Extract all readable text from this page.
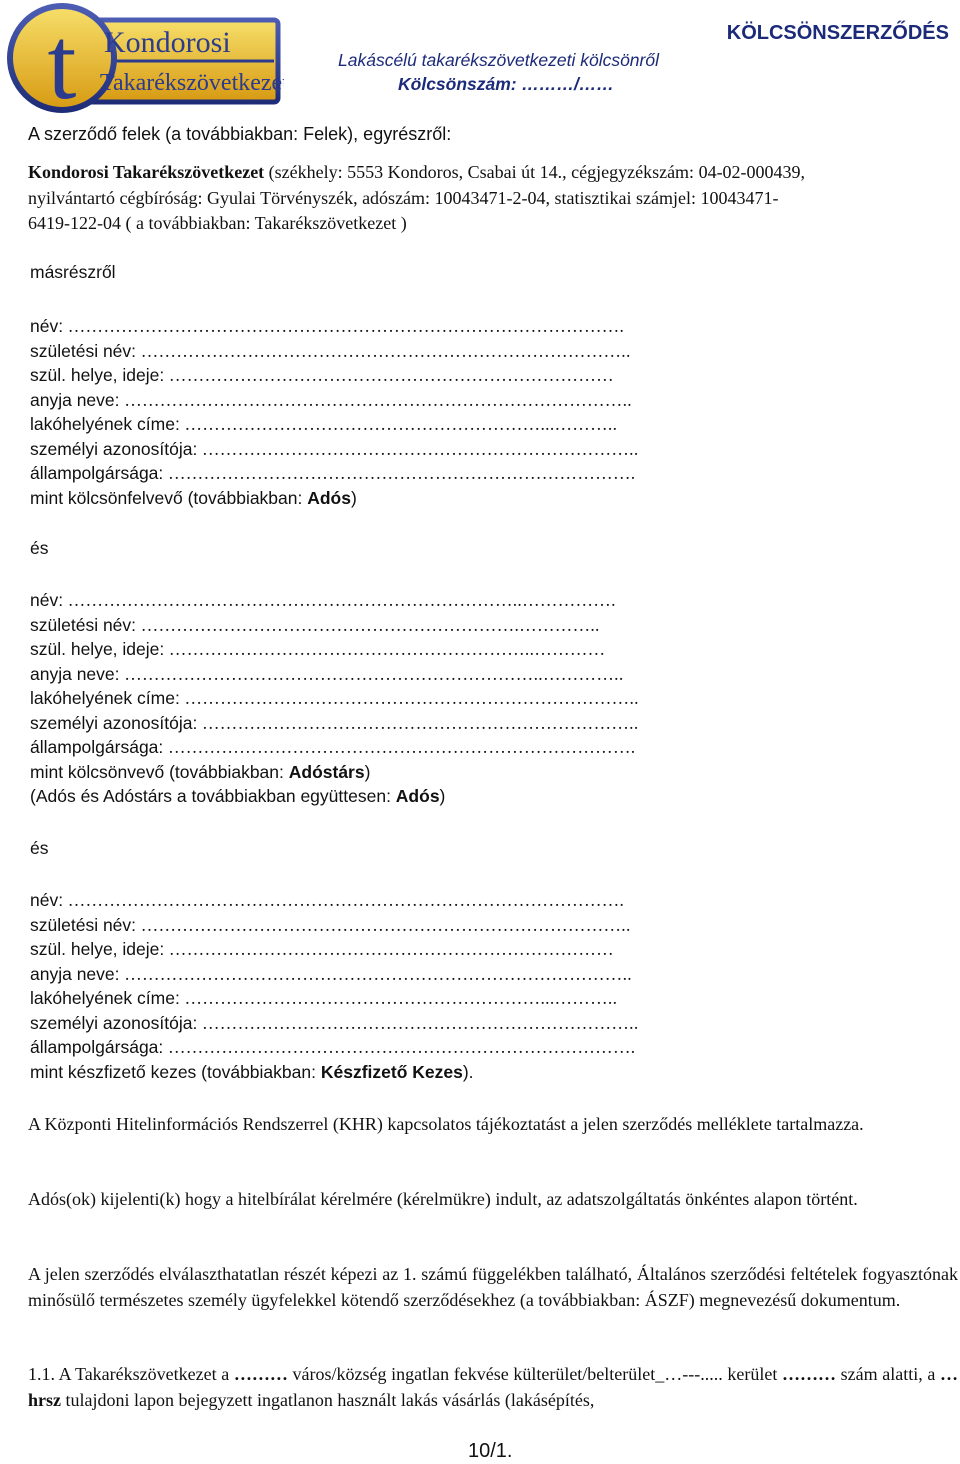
t Kondorosi
Takarékszövetkezet
KÖLCSÖNSZERZŐDÉS
Lakáscélú takarékszövetkezeti kölcsönről
Kölcsönszám: ………/……
A szerződő felek (a továbbiakban: Felek), egyrészről:
Kondorosi Takarékszövetkezet (székhely: 5553 Kondoros, Csabai út 14., cégjegyzékszám: 04-02-000439,
nyilvántartó cégbíróság: Gyulai Törvényszék, adószám: 10043471-2-04, statisztikai számjel: 10043471-
6419-122-04 ( a továbbiakban: Takarékszövetkezet )
másrészről
név: ………………………………………………………………………………….
születési név: ………………………………………………………………………..
szül. helye, ideje: …………………………………………………………………
anyja neve: …………………………………………………………………………..
lakóhelyének címe: ……………………………………………………...………..
személyi azonosítója: ………………………………………………………………..
állampolgársága: …………………………………………………………………….
mint kölcsönfelvevő (továbbiakban: Adós)
és
név: …………………………………………………………………..…………….
születési név: ……………………………………………………….…………..
szül. helye, ideje: ……………………………………………………..…………
anyja neve: ……………………………………………………………..…………..
lakóhelyének címe: …………………………………………………………………..
személyi azonosítója: ………………………………………………………………..
állampolgársága: …………………………………………………………………….
mint kölcsönvevő (továbbiakban: Adóstárs)
(Adós és Adóstárs a továbbiakban együttesen: Adós)
és
név: ………………………………………………………………………………….
születési név: ………………………………………………………………………..
szül. helye, ideje: …………………………………………………………………
anyja neve: …………………………………………………………………………..
lakóhelyének címe: ……………………………………………………...………..
személyi azonosítója: ………………………………………………………………..
állampolgársága: …………………………………………………………………….
mint készfizető kezes (továbbiakban: Készfizető Kezes).
A Központi Hitelinformációs Rendszerrel (KHR) kapcsolatos tájékoztatást a jelen szerződés melléklete tartalmazza.
Adós(ok) kijelenti(k) hogy a hitelbírálat kérelmére (kérelmükre) indult, az adatszolgáltatás önkéntes alapon történt.
A jelen szerződés elválaszthatatlan részét képezi az 1. számú függelékben található, Általános szerződési feltételek fogyasztónak minősülő természetes személy ügyfelekkel kötendő szerződésekhez (a továbbiakban: ÁSZF) megnevezésű dokumentum.
1.1. A Takarékszövetkezet a ……… város/község ingatlan fekvése külterület/belterület_…---..... kerület ……… szám alatti, a … hrsz tulajdoni lapon bejegyzett ingatlanon használt lakás vásárlás (lakásépítés,
10/1.
